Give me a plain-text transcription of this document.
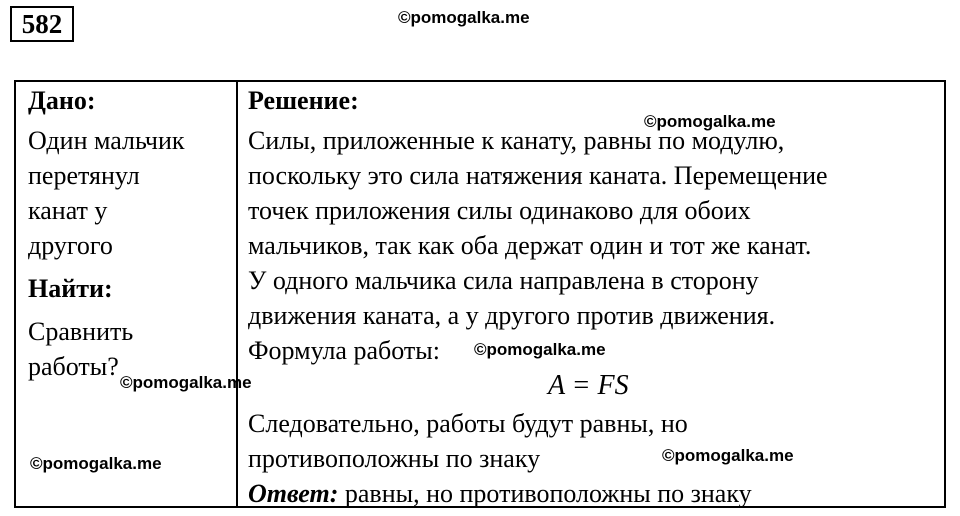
582	©pomogalka.me
Дано:
Один мальчик
перетянул
канат у
другого
Найти:
Сравнить
работы?
Решение:
Силы, приложенные к канату, равны по модулю,
поскольку это сила натяжения каната. Перемещение
точек приложения силы одинаково для обоих
мальчиков, так как оба держат один и тот же канат.
У одного мальчика сила направлена в сторону
движения каната, а у другого против движения.
Формула работы:
A = FS
Следовательно, работы будут равны, но
противоположны по знаку
Ответ: равны, но противоположны по знаку
©pomogalka.me
©pomogalka.me
©pomogalka.me
©pomogalka.me	©pomogalka.me
